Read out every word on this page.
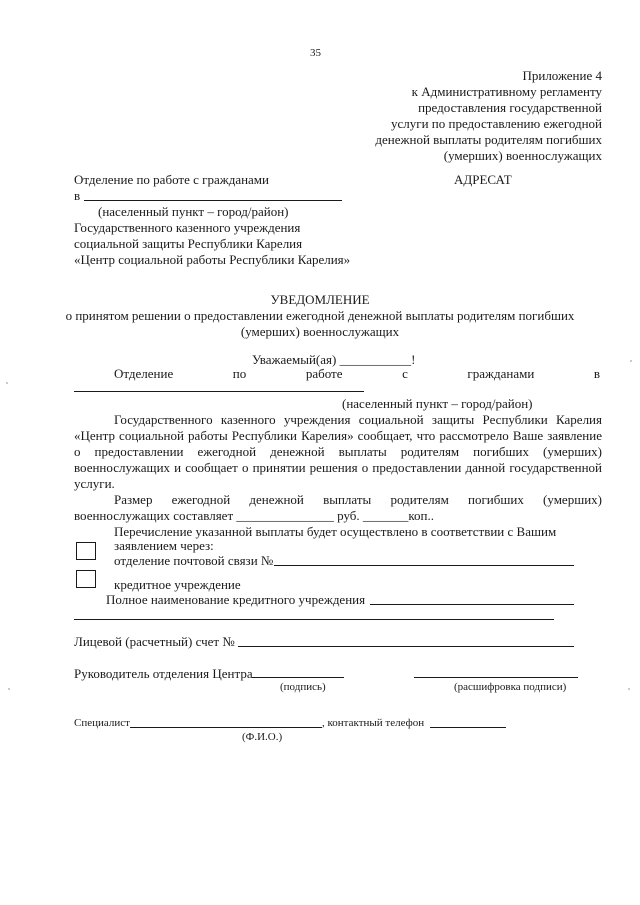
35
Приложение 4
к Административному регламенту
предоставления государственной
услуги по предоставлению ежегодной
денежной выплаты родителям погибших
(умерших) военнослужащих
Отделение по работе с гражданами
в
(населенный пункт – город/район)
Государственного казенного учреждения
социальной защиты Республики Карелия
«Центр социальной работы Республики Карелия»
АДРЕСАТ
УВЕДОМЛЕНИЕ
о принятом решении о предоставлении ежегодной денежной выплаты родителям погибших
(умерших) военнослужащих
Уважаемый(ая) ___________!
Отделение	по	работе	с	гражданами	в
(населенный пункт – город/район)
Государственного казенного учреждения социальной защиты Республики Карелия
«Центр социальной работы Республики Карелия» сообщает, что рассмотрело Ваше заявление
о предоставлении ежегодной денежной выплаты родителям погибших (умерших)
военнослужащих и сообщает о принятии решения о предоставлении данной государственной
услуги.
Размер ежегодной денежной выплаты родителям погибших (умерших)
военнослужащих составляет _______________ руб. _______коп..
Перечисление указанной выплаты будет осуществлено в соответствии с Вашим
заявлением через:
отделение почтовой связи №
кредитное учреждение
Полное наименование кредитного учреждения
Лицевой (расчетный) счет №
Руководитель отделения Центра
(подпись)	(расшифровка подписи)
Специалист	, контактный телефон
(Ф.И.О.)
